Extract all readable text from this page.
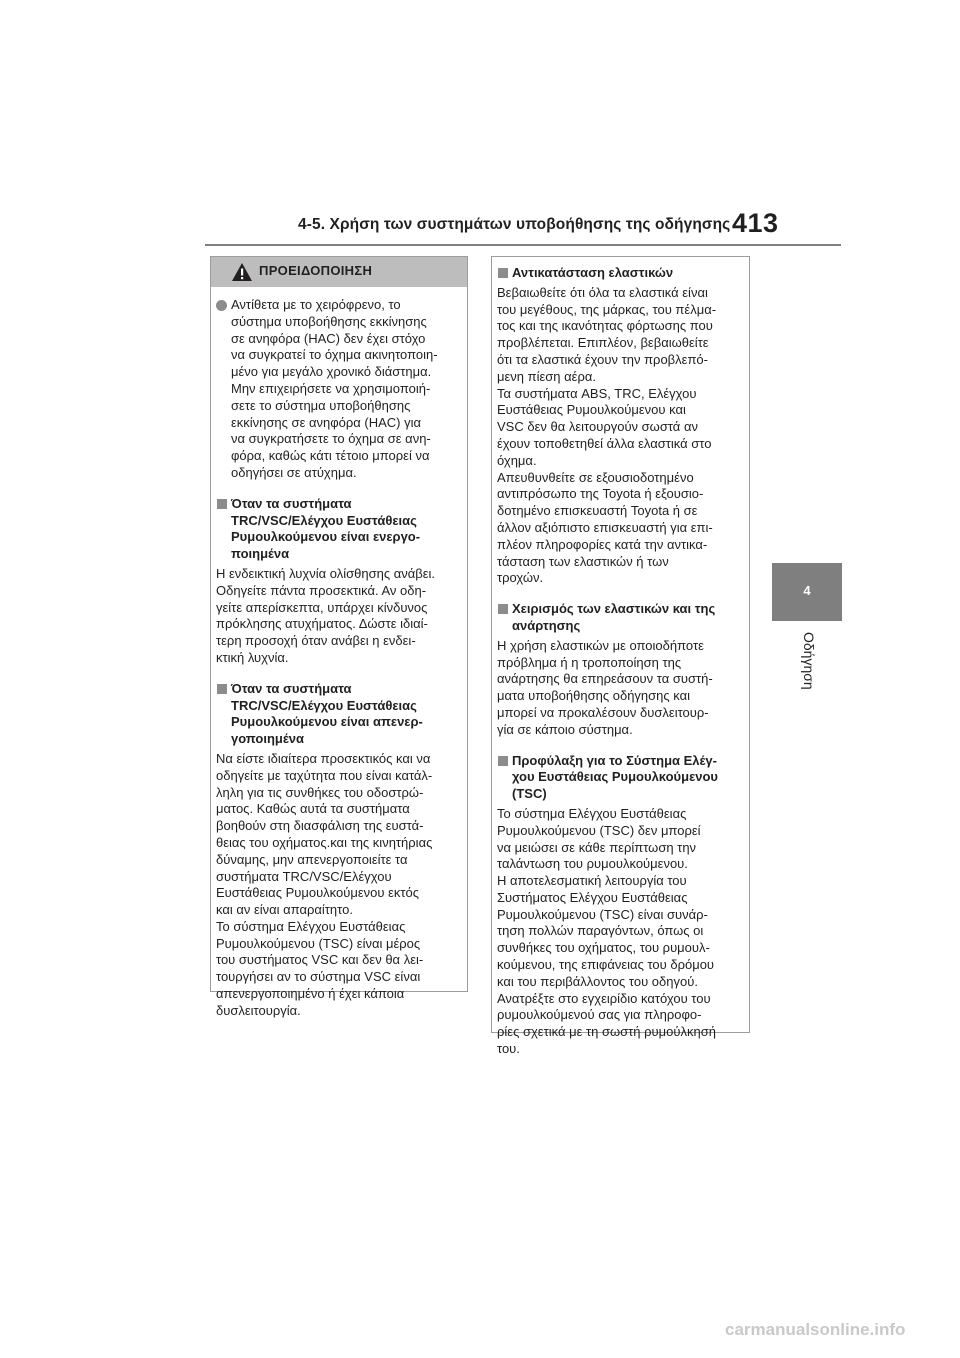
4-5. Χρήση των συστημάτων υποβοήθησης της οδήγησης 413
4
Οδήγηση
ΠΡΟΕΙΔΟΠΟΙΗΣΗ
Αντίθετα με το χειρόφρενο, το
σύστημα υποβοήθησης εκκίνησης
σε ανηφόρα (HAC) δεν έχει στόχο
να συγκρατεί το όχημα ακινητοποιη-
μένο για μεγάλο χρονικό διάστημα.
Μην επιχειρήσετε να χρησιμοποιή-
σετε το σύστημα υποβοήθησης
εκκίνησης σε ανηφόρα (HAC) για
να συγκρατήσετε το όχημα σε ανη-
φόρα, καθώς κάτι τέτοιο μπορεί να
οδηγήσει σε ατύχημα.
Όταν τα συστήματα
TRC/VSC/Ελέγχου Ευστάθειας
Ρυμουλκούμενου είναι ενεργο-
ποιημένα
Η ενδεικτική λυχνία ολίσθησης ανάβει.
Οδηγείτε πάντα προσεκτικά. Αν οδη-
γείτε απερίσκεπτα, υπάρχει κίνδυνος
πρόκλησης ατυχήματος. Δώστε ιδιαί-
τερη προσοχή όταν ανάβει η ενδει-
κτική λυχνία.
Όταν τα συστήματα
TRC/VSC/Ελέγχου Ευστάθειας
Ρυμουλκούμενου είναι απενερ-
γοποιημένα
Να είστε ιδιαίτερα προσεκτικός και να
οδηγείτε με ταχύτητα που είναι κατάλ-
ληλη για τις συνθήκες του οδοστρώ-
ματος. Καθώς αυτά τα συστήματα
βοηθούν στη διασφάλιση της ευστά-
θειας του οχήματος.και της κινητήριας
δύναμης, μην απενεργοποιείτε τα
συστήματα TRC/VSC/Ελέγχου
Ευστάθειας Ρυμουλκούμενου εκτός
και αν είναι απαραίτητο.
Το σύστημα Ελέγχου Ευστάθειας
Ρυμουλκούμενου (TSC) είναι μέρος
του συστήματος VSC και δεν θα λει-
τουργήσει αν το σύστημα VSC είναι
απενεργοποιημένο ή έχει κάποια
δυσλειτουργία.
Αντικατάσταση ελαστικών
Βεβαιωθείτε ότι όλα τα ελαστικά είναι
του μεγέθους, της μάρκας, του πέλμα-
τος και της ικανότητας φόρτωσης που
προβλέπεται. Επιπλέον, βεβαιωθείτε
ότι τα ελαστικά έχουν την προβλεπό-
μενη πίεση αέρα.
Τα συστήματα ABS, TRC, Ελέγχου
Ευστάθειας Ρυμουλκούμενου και
VSC δεν θα λειτουργούν σωστά αν
έχουν τοποθετηθεί άλλα ελαστικά στο
όχημα.
Απευθυνθείτε σε εξουσιοδοτημένο
αντιπρόσωπο της Toyota ή εξουσιο-
δοτημένο επισκευαστή Toyota ή σε
άλλον αξιόπιστο επισκευαστή για επι-
πλέον πληροφορίες κατά την αντικα-
τάσταση των ελαστικών ή των
τροχών.
Χειρισμός των ελαστικών και της
ανάρτησης
Η χρήση ελαστικών με οποιοδήποτε
πρόβλημα ή η τροποποίηση της
ανάρτησης θα επηρεάσουν τα συστή-
ματα υποβοήθησης οδήγησης και
μπορεί να προκαλέσουν δυσλειτουρ-
γία σε κάποιο σύστημα.
Προφύλαξη για το Σύστημα Ελέγ-
χου Ευστάθειας Ρυμουλκούμενου
(TSC)
Το σύστημα Ελέγχου Ευστάθειας
Ρυμουλκούμενου (TSC) δεν μπορεί
να μειώσει σε κάθε περίπτωση την
ταλάντωση του ρυμουλκούμενου.
Η αποτελεσματική λειτουργία του
Συστήματος Ελέγχου Ευστάθειας
Ρυμουλκούμενου (TSC) είναι συνάρ-
τηση πολλών παραγόντων, όπως οι
συνθήκες του οχήματος, του ρυμουλ-
κούμενου, της επιφάνειας του δρόμου
και του περιβάλλοντος του οδηγού.
Ανατρέξτε στο εγχειρίδιο κατόχου του
ρυμουλκούμενού σας για πληροφο-
ρίες σχετικά με τη σωστή ρυμούλκησή
του.
carmanualsonline.info
